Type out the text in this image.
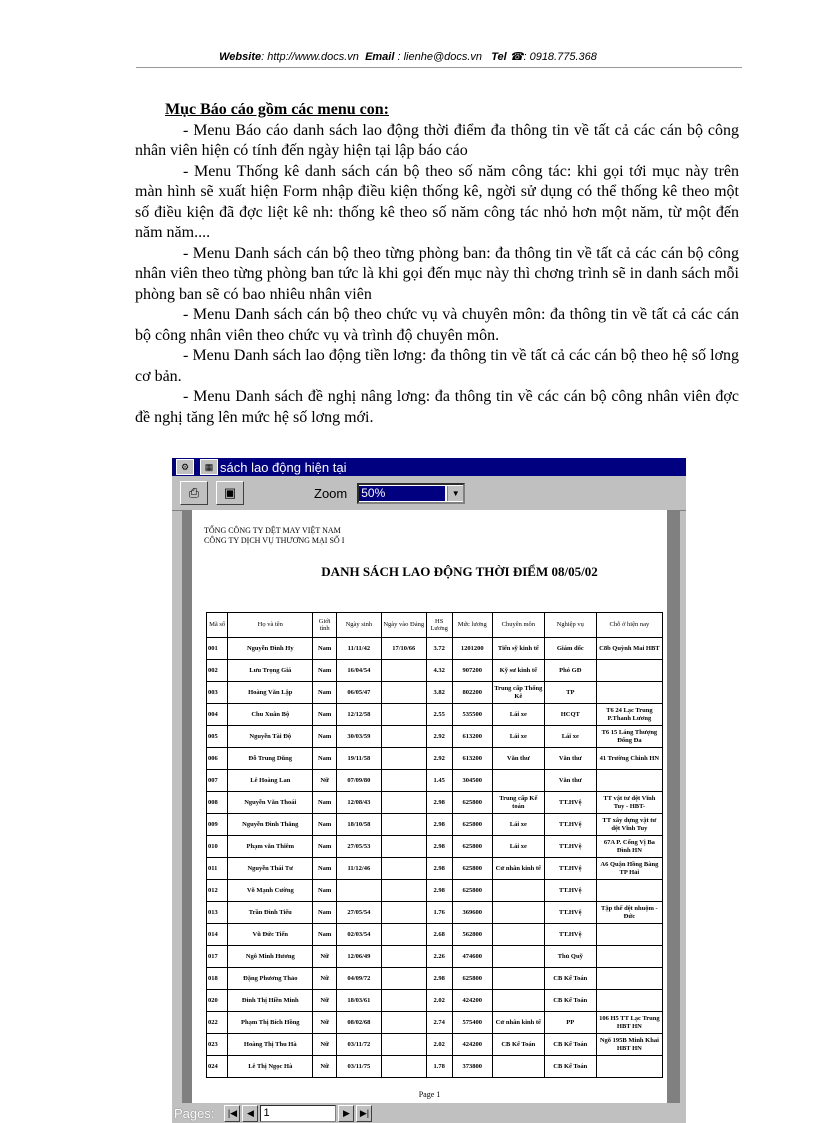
Website: http://www.docs.vn Email : lienhe@docs.vn Tel ☎: 0918.775.368
Mục Báo cáo gồm các menu con:

- Menu Báo cáo danh sách lao động thời điểm đa thông tin về tất cả các cán bộ công nhân viên hiện có tính đến ngày hiện tại lập báo cáo

- Menu Thống kê danh sách cán bộ theo số năm công tác: khi gọi tới mục này trên màn hình sẽ xuất hiện Form nhập điều kiện thống kê, ngời sử dụng có thể thống kê theo một số điều kiện đã đợc liệt kê nh: thống kê theo số năm công tác nhỏ hơn một năm, từ một đến năm năm....

- Menu Danh sách cán bộ theo từng phòng ban: đa thông tin về tất cả các cán bộ công nhân viên theo từng phòng ban tức là khi gọi đến mục này thì chơng trình sẽ in danh sách mỗi phòng ban sẽ có bao nhiêu nhân viên

- Menu Danh sách cán bộ theo chức vụ và chuyên môn: đa thông tin về tất cả các cán bộ công nhân viên theo chức vụ và trình độ chuyên môn.

- Menu Danh sách lao động tiền lơng: đa thông tin về tất cả các cán bộ theo hệ số lơng cơ bản.

- Menu Danh sách đề nghị nâng lơng: đa thông tin về các cán bộ công nhân viên đợc đề nghị tăng lên mức hệ số lơng mới.

⚙	▦ sách lao động hiện tại
⎙ ▣	Zoom 50%	▼
TỔNG CÔNG TY DỆT MAY VIỆT NAM
CÔNG TY DỊCH VỤ THƯƠNG MẠI SỐ I
DANH SÁCH LAO ĐỘNG THỜI ĐIỂM 08/05/02
Mã số	Họ và tên	Giới tính	Ngày sinh	Ngày vào Đảng	HS Lương	Mức lương	Chuyên môn	Nghiệp vụ	Chỗ ở hiện nay
001	Nguyễn Đình Hy	Nam	11/11/42	17/10/66	3.72	1201200	Tiến sỹ kinh tế	Giám đốc	C8b Quỳnh Mai HBT
002	Lưu Trọng Giá	Nam	16/04/54		4.32	907200	Kỹ sư kinh tế	Phó GĐ	
003	Hoàng Văn Lập	Nam	06/05/47		3.82	802200	Trung cấp Thống Kê	TP	
004	Chu Xuân Bộ	Nam	12/12/58		2.55	535500	Lái xe	HCQT	T6 24 Lạc Trung P.Thanh Lương
005	Nguyễn Tài Độ	Nam	30/03/59		2.92	613200	Lái xe	Lái xe	T6 15 Láng Thượng Đống Đa
006	Đỗ Trung Dũng	Nam	19/11/58		2.92	613200	Văn thư	Văn thư	41 Trường Chinh HN
007	Lê Hoàng Lan	Nữ	07/09/80		1.45	304500		Văn thư	
008	Nguyễn Văn Thoái	Nam	12/08/43		2.98	625800	Trung cấp Kế toán	TT.HVệ	TT vật tư dệt Vĩnh Tuy - HBT-
009	Nguyễn Đình Thắng	Nam	18/10/58		2.98	625800	Lái xe	TT.HVệ	TT xây dựng vật tư dệt Vĩnh Tuy
010	Phạm văn Thiêm	Nam	27/05/53		2.98	625800	Lái xe	TT.HVệ	67A P. Cống Vị Ba Đình HN
011	Nguyễn Thái Tư	Nam	11/12/46		2.98	625800	Cử nhân kinh tế	TT.HVệ	A6 Quận Hồng Bàng TP Hải
012	Võ Mạnh Cường	Nam			2.98	625800		TT.HVệ	
013	Trần Đình Tiếu	Nam	27/05/54		1.76	369600		TT.HVệ	Tập thể dệt nhuộm - Đức
014	Vũ Đức Tiến	Nam	02/03/54		2.68	562800		TT.HVệ	
017	Ngô Minh Hương	Nữ	12/06/49		2.26	474600		Thủ Quỹ	
018	Đặng Phương Thảo	Nữ	04/09/72		2.98	625800		CB Kế Toán	
020	Đinh Thị Hiền Minh	Nữ	18/03/61		2.02	424200		CB Kế Toán	
022	Phạm Thị Bích Hồng	Nữ	08/02/68		2.74	575400	Cử nhân kinh tế	PP	106 H5 TT Lạc Trung HBT HN
023	Hoàng Thị Thu Hà	Nữ	03/11/72		2.02	424200	CB Kế Toán	CB Kế Toán	Ngõ 195B Minh Khai HBT HN
024	Lê Thị Ngọc Hà	Nữ	03/11/75		1.78	373800		CB Kế Toán	
Page 1
Pages:	|◀	◀ 1	▶	▶|
